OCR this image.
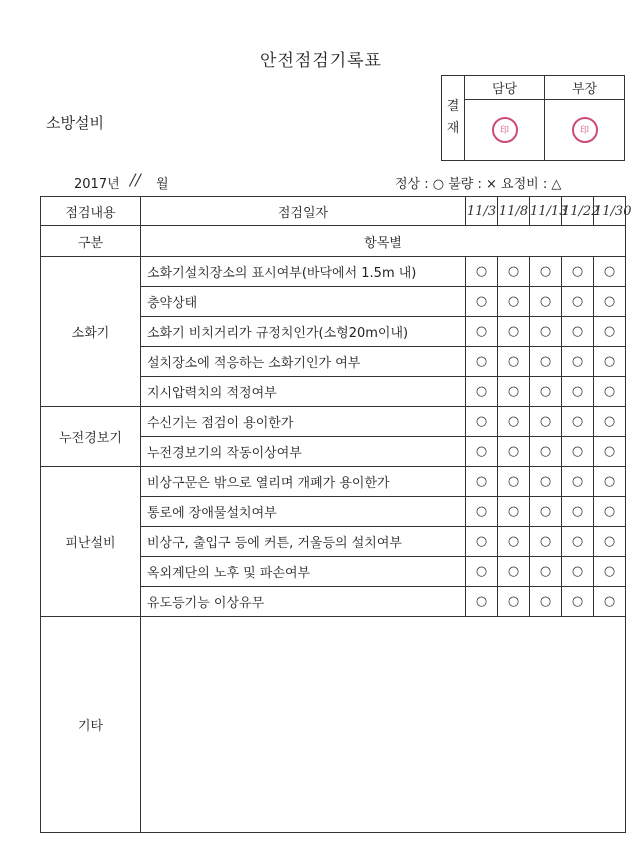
안전점검기록표
소방설비
결재	담당	부장
	印	印
2017년 // 월	정상 : ○ 불량 : × 요정비 : △
점검내용	점검일자	11/3	11/8	11/13	11/22	11/30
구분	항목별					
소화기	소화기설치장소의 표시여부(바닥에서 1.5m 내)	○	○	○	○	○
	충약상태	○	○	○	○	○
	소화기 비치거리가 규정치인가(소형20m이내)	○	○	○	○	○
	설치장소에 적응하는 소화기인가 여부	○	○	○	○	○
	지시압력치의 적정여부	○	○	○	○	○
누전경보기	수신기는 점검이 용이한가	○	○	○	○	○
	누전경보기의 작동이상여부	○	○	○	○	○
피난설비	비상구문은 밖으로 열리며 개폐가 용이한가	○	○	○	○	○
	통로에 장애물설치여부	○	○	○	○	○
	비상구, 출입구 등에 커튼, 거울등의 설치여부	○	○	○	○	○
	옥외계단의 노후 및 파손여부	○	○	○	○	○
	유도등기능 이상유무	○	○	○	○	○
기타						
